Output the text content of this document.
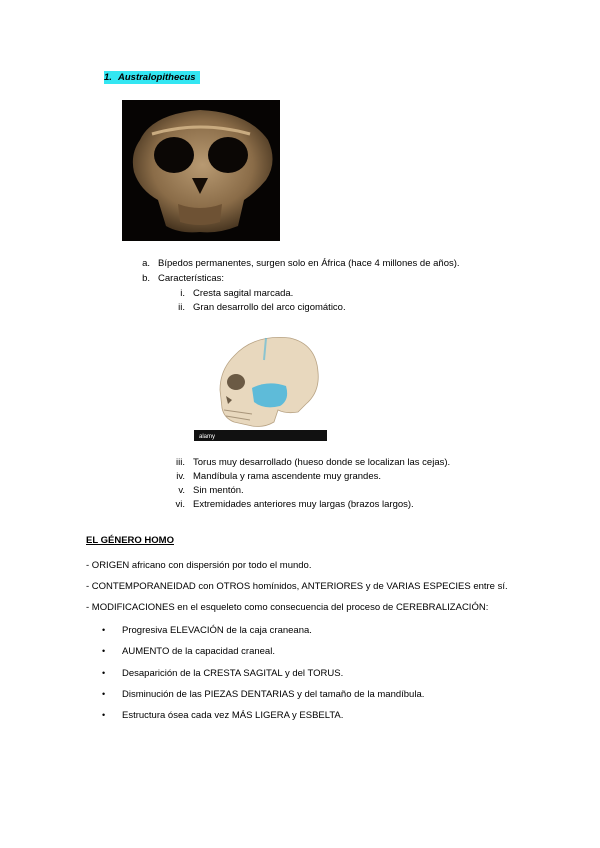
1. Australopithecus
a. Bípedos permanentes, surgen solo en África (hace 4 millones de años).
b. Características:
i. Cresta sagital marcada.
ii. Gran desarrollo del arco cigomático.
alamy
iii. Torus muy desarrollado (hueso donde se localizan las cejas).
iv. Mandíbula y rama ascendente muy grandes.
v. Sin mentón.
vi. Extremidades anteriores muy largas (brazos largos).
EL GÉNERO HOMO
- ORIGEN africano con dispersión por todo el mundo.
- CONTEMPORANEIDAD con OTROS homínidos, ANTERIORES y de VARIAS ESPECIES entre sí.
- MODIFICACIONES en el esqueleto como consecuencia del proceso de CEREBRALIZACIÓN:
• Progresiva ELEVACIÓN de la caja craneana.
• AUMENTO de la capacidad craneal.
• Desaparición de la CRESTA SAGITAL y del TORUS.
• Disminución de las PIEZAS DENTARIAS y del tamaño de la mandíbula.
• Estructura ósea cada vez MÁS LIGERA y ESBELTA.
